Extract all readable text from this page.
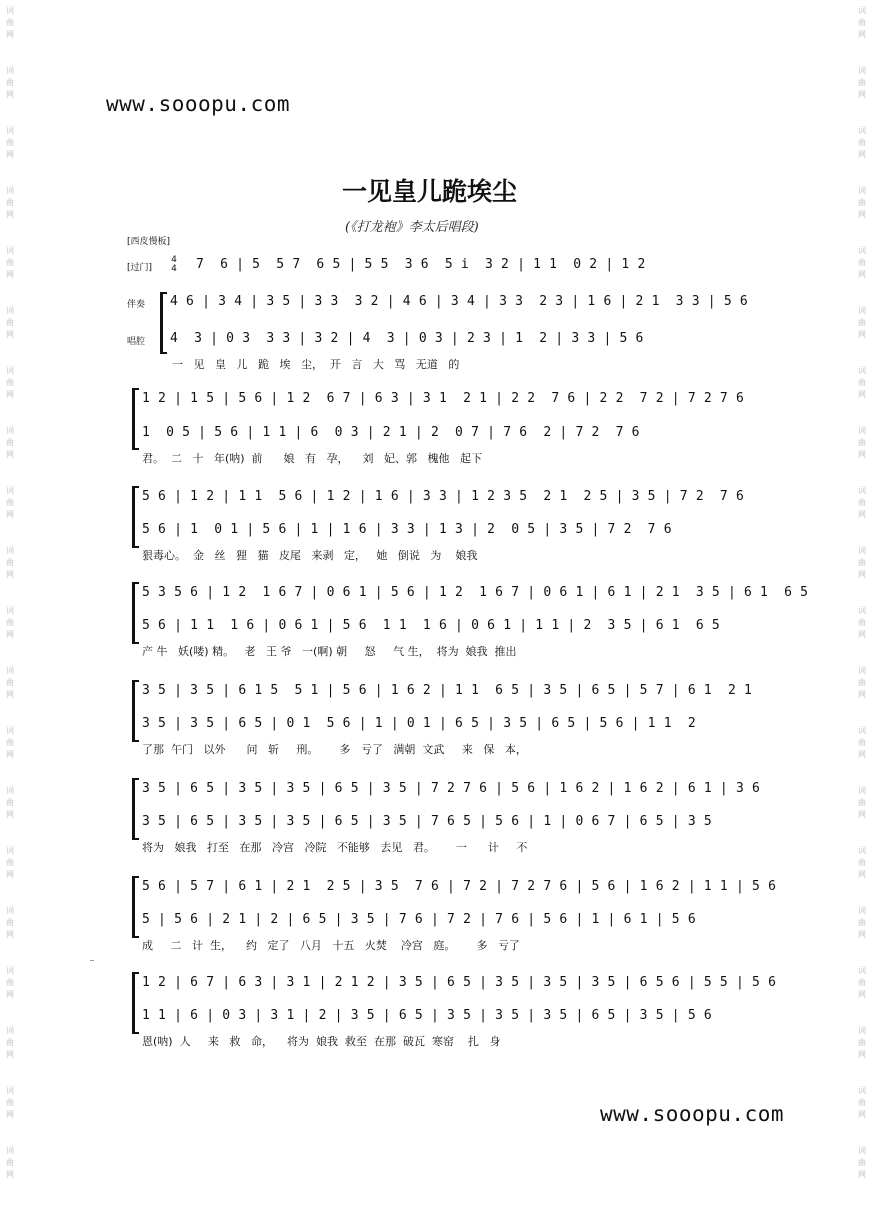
词
曲
网
词
曲
网
词
曲
网
词
曲
网
词
曲
网
词
曲
网
词
曲
网
词
曲
网
词
曲
网
词
曲
网
词
曲
网
词
曲
网
词
曲
网
词
曲
网
词
曲
网
词
曲
网
词
曲
网
词
曲
网
词
曲
网
词
曲
网
词
曲
网
词
曲
网
词
曲
网
词
曲
网
词
曲
网
词
曲
网
词
曲
网
词
曲
网
词
曲
网
词
曲
网
词
曲
网
词
曲
网
词
曲
网
词
曲
网
词
曲
网
词
曲
网
词
曲
网
词
曲
网
词
曲
网
词
曲
网
www.sooopu.com
一见皇儿跪埃尘
(《打龙袍》李太后唱段)
[西皮慢板]
[过门]
4
4 7  6 | 5  5 7  6 5 | 5 5  3 6  5 i  3 2 | 1 1  0 2 | 1 2
伴奏
唱腔
4 6 | 3 4 | 3 5 | 3 3  3 2 | 4 6 | 3 4 | 3 3  2 3 | 1 6 | 2 1  3 3 | 5 6
4  3 | 0 3  3 3 | 3 2 | 4  3 | 0 3 | 2 3 | 1  2 | 3 3 | 5 6
一   见   皇   儿   跪   埃   尘，  开   言   大   骂   无道   的
1 2 | 1 5 | 5 6 | 1 2  6 7 | 6 3 | 3 1  2 1 | 2 2  7 6 | 2 2  7 2 | 7 2 7 6
1  0 5 | 5 6 | 1 1 | 6  0 3 | 2 1 | 2  0 7 | 7 6  2 | 7 2  7 6
君。  二   十   年(呐)  前      娘   有   孕，    刘   妃、郭   槐他   起下
5 6 | 1 2 | 1 1  5 6 | 1 2 | 1 6 | 3 3 | 1 2 3 5  2 1  2 5 | 3 5 | 7 2  7 6
5 6 | 1  0 1 | 5 6 | 1 | 1 6 | 3 3 | 1 3 | 2  0 5 | 3 5 | 7 2  7 6
狠毒心。  金   丝   狸   猫   皮尾   来剥   定，   她   倒说   为    娘我
5 3 5 6 | 1 2  1 6 7 | 0 6 1 | 5 6 | 1 2  1 6 7 | 0 6 1 | 6 1 | 2 1  3 5 | 6 1  6 5
5 6 | 1 1  1 6 | 0 6 1 | 5 6  1 1  1 6 | 0 6 1 | 1 1 | 2  3 5 | 6 1  6 5
产 牛   妖(喽) 精。   老   王 爷   一(啊) 朝     怒     气 生，  将为  娘我  推出
3 5 | 3 5 | 6 1 5  5 1 | 5 6 | 1 6 2 | 1 1  6 5 | 3 5 | 6 5 | 5 7 | 6 1  2 1
3 5 | 3 5 | 6 5 | 0 1  5 6 | 1 | 0 1 | 6 5 | 3 5 | 6 5 | 5 6 | 1 1  2
了那  午门   以外      问   斩     刑。      多   亏了   满朝  文武     来   保   本，
3 5 | 6 5 | 3 5 | 3 5 | 6 5 | 3 5 | 7 2 7 6 | 5 6 | 1 6 2 | 1 6 2 | 6 1 | 3 6
3 5 | 6 5 | 3 5 | 3 5 | 6 5 | 3 5 | 7 6 5 | 5 6 | 1 | 0 6 7 | 6 5 | 3 5
将为   娘我   打至   在那   冷宫   冷院   不能够   去见   君。      一      计     不
5 6 | 5 7 | 6 1 | 2 1  2 5 | 3 5  7 6 | 7 2 | 7 2 7 6 | 5 6 | 1 6 2 | 1 1 | 5 6
5 | 5 6 | 2 1 | 2 | 6 5 | 3 5 | 7 6 | 7 2 | 7 6 | 5 6 | 1 | 6 1 | 5 6
成     二   计  生，    约   定了   八月   十五   火焚    冷宫   庭。      多   亏了
1 2 | 6 7 | 6 3 | 3 1 | 2 1 2 | 3 5 | 6 5 | 3 5 | 3 5 | 3 5 | 6 5 6 | 5 5 | 5 6
1 1 | 6 | 0 3 | 3 1 | 2 | 3 5 | 6 5 | 3 5 | 3 5 | 3 5 | 6 5 | 3 5 | 5 6
恩(呐)  人     来   救   命，    将为  娘我  救至  在那  破瓦  寒窑    扎   身
www.sooopu.com
